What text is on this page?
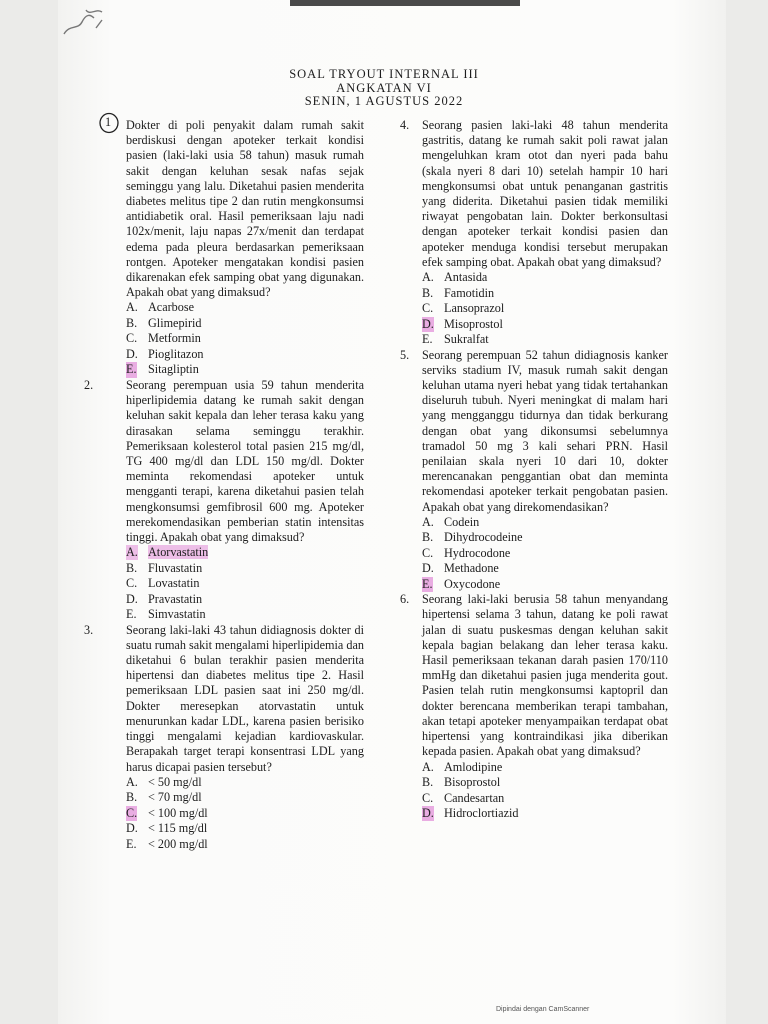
SOAL TRYOUT INTERNAL III
ANGKATAN VI
SENIN, 1 AGUSTUS 2022
1 Dokter di poli penyakit dalam rumah sakit berdiskusi dengan apoteker terkait kondisi pasien (laki-laki usia 58 tahun) masuk rumah sakit dengan keluhan sesak nafas sejak seminggu yang lalu. Diketahui pasien menderita diabetes melitus tipe 2 dan rutin mengkonsumsi antidiabetik oral. Hasil pemeriksaan laju nadi 102x/menit, laju napas 27x/menit dan terdapat edema pada pleura berdasarkan pemeriksaan rontgen. Apoteker mengatakan kondisi pasien dikarenakan efek samping obat yang digunakan. Apakah obat yang dimaksud?
A. Acarbose
B. Glimepirid
C. Metformin
D. Pioglitazon
E. Sitagliptin
2.	Seorang perempuan usia 59 tahun menderita hiperlipidemia datang ke rumah sakit dengan keluhan sakit kepala dan leher terasa kaku yang dirasakan selama seminggu terakhir. Pemeriksaan kolesterol total pasien 215 mg/dl, TG 400 mg/dl dan LDL 150 mg/dl. Dokter meminta rekomendasi apoteker untuk mengganti terapi, karena diketahui pasien telah mengkonsumsi gemfibrosil 600 mg. Apoteker merekomendasikan pemberian statin intensitas tinggi. Apakah obat yang dimaksud?
A. Atorvastatin
B. Fluvastatin
C. Lovastatin
D. Pravastatin
E. Simvastatin
3.	Seorang laki-laki 43 tahun didiagnosis dokter di suatu rumah sakit mengalami hiperlipidemia dan diketahui 6 bulan terakhir pasien menderita hipertensi dan diabetes melitus tipe 2. Hasil pemeriksaan LDL pasien saat ini 250 mg/dl. Dokter meresepkan atorvastatin untuk menurunkan kadar LDL, karena pasien berisiko tinggi mengalami kejadian kardiovaskular. Berapakah target terapi konsentrasi LDL yang harus dicapai pasien tersebut?
A. < 50 mg/dl
B. < 70 mg/dl
C. < 100 mg/dl
D. < 115 mg/dl
E. < 200 mg/dl
4.	Seorang pasien laki-laki 48 tahun menderita gastritis, datang ke rumah sakit poli rawat jalan mengeluhkan kram otot dan nyeri pada bahu (skala nyeri 8 dari 10) setelah hampir 10 hari mengkonsumsi obat untuk penanganan gastritis yang diderita. Diketahui pasien tidak memiliki riwayat pengobatan lain. Dokter berkonsultasi dengan apoteker terkait kondisi pasien dan apoteker menduga kondisi tersebut merupakan efek samping obat. Apakah obat yang dimaksud?
A. Antasida
B. Famotidin
C. Lansoprazol
D. Misoprostol
E. Sukralfat
5.	Seorang perempuan 52 tahun didiagnosis kanker serviks stadium IV, masuk rumah sakit dengan keluhan utama nyeri hebat yang tidak tertahankan diseluruh tubuh. Nyeri meningkat di malam hari yang mengganggu tidurnya dan tidak berkurang dengan obat yang dikonsumsi sebelumnya tramadol 50 mg 3 kali sehari PRN. Hasil penilaian skala nyeri 10 dari 10, dokter merencanakan penggantian obat dan meminta rekomendasi apoteker terkait pengobatan pasien. Apakah obat yang direkomendasikan?
A. Codein
B. Dihydrocodeine
C. Hydrocodone
D. Methadone
E. Oxycodone
6.	Seorang laki-laki berusia 58 tahun menyandang hipertensi selama 3 tahun, datang ke poli rawat jalan di suatu puskesmas dengan keluhan sakit kepala bagian belakang dan leher terasa kaku. Hasil pemeriksaan tekanan darah pasien 170/110 mmHg dan diketahui pasien juga menderita gout. Pasien telah rutin mengkonsumsi kaptopril dan dokter berencana memberikan terapi tambahan, akan tetapi apoteker menyampaikan terdapat obat hipertensi yang kontraindikasi jika diberikan kepada pasien. Apakah obat yang dimaksud?
A. Amlodipine
B. Bisoprostol
C. Candesartan
D. Hidroclortiazid
Dipindai dengan CamScanner
